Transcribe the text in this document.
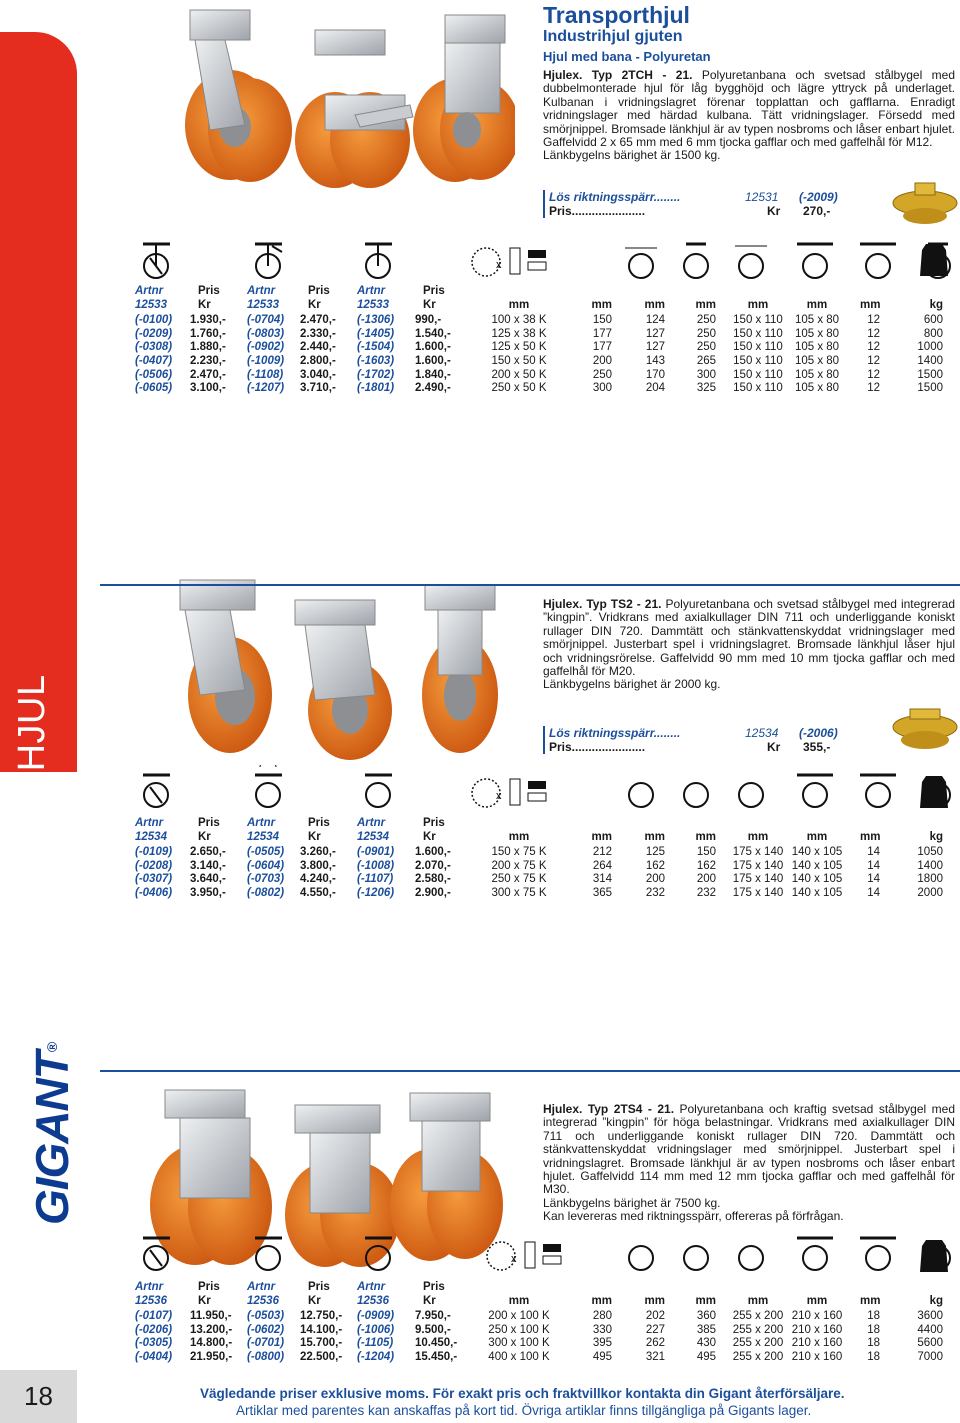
TRANSPORTHJUL
GIGANT®
18
Transporthjul
Industrihjul gjuten
Hjul med bana - Polyuretan
Hjulex. Typ 2TCH - 21. Polyuretanbana och svetsad stålbygel med dubbelmonterade hjul för låg bygghöjd och lägre yttryck på underlaget. Kulbanan i vridningslagret förenar topplattan och gafflarna. Enradigt vridningslager med härdad kulbana. Tätt vridningslager. Försedd med smörjnippel. Bromsade länkhjul är av typen nosbroms och låser enbart hjulet. Gaffelvidd 2 x 65 mm med 6 mm tjocka gafflar och med gaffelhål för M12.
Länkbygelns bärighet är 1500 kg.
Lös riktningsspärr........	12531 (-2009)
Pris......................	Kr 270,-
x
Artnr	Pris	Artnr	Pris	Artnr	Pris
12533	Kr	12533	Kr	12533	Kr	mm	mm	mm	mm	mm	mm	mm	kg
(-0100)	1.930,-	(-0704)	2.470,-	(-1306)	990,-	100 x 38 K	150	124	250	150 x 110	105 x 80	12	600
(-0209)	1.760,-	(-0803)	2.330,-	(-1405)	1.540,-	125 x 38 K	177	127	250	150 x 110	105 x 80	12	800
(-0308)	1.880,-	(-0902)	2.440,-	(-1504)	1.600,-	125 x 50 K	177	127	250	150 x 110	105 x 80	12	1000
(-0407)	2.230,-	(-1009)	2.800,-	(-1603)	1.600,-	150 x 50 K	200	143	265	150 x 110	105 x 80	12	1400
(-0506)	2.470,-	(-1108)	3.040,-	(-1702)	1.840,-	200 x 50 K	250	170	300	150 x 110	105 x 80	12	1500
(-0605)	3.100,-	(-1207)	3.710,-	(-1801)	2.490,-	250 x 50 K	300	204	325	150 x 110	105 x 80	12	1500
Hjulex. Typ TS2 - 21. Polyuretanbana och svetsad stålbygel med integrerad ”kingpin”. Vridkrans med axialkullager DIN 711 och underliggande koniskt rullager DIN 720. Dammtätt och stänkvattenskyddat vridningslager med smörjnippel. Justerbart spel i vridningslagret. Bromsade länkhjul låser hjul och vridningsrörelse. Gaffelvidd 90 mm med 10 mm tjocka gafflar och med gaffelhål för M20.
Länkbygelns bärighet är 2000 kg.
Lös riktningsspärr........	12534 (-2006)
Pris......................	Kr 355,-
x
Artnr	Pris	Artnr	Pris	Artnr	Pris
12534	Kr	12534	Kr	12534	Kr	mm	mm	mm	mm	mm	mm	mm	kg
(-0109)	2.650,-	(-0505)	3.260,-	(-0901)	1.600,-	150 x 75 K	212	125	150	175 x 140 140 x 105	14	1050
(-0208)	3.140,-	(-0604)	3.800,-	(-1008)	2.070,-	200 x 75 K	264	162	162	175 x 140 140 x 105	14	1400
(-0307)	3.640,-	(-0703)	4.240,-	(-1107)	2.580,-	250 x 75 K	314	200	200	175 x 140 140 x 105	14	1800
(-0406)	3.950,-	(-0802)	4.550,-	(-1206)	2.900,-	300 x 75 K	365	232	232	175 x 140 140 x 105	14	2000
Hjulex. Typ 2TS4 - 21. Polyuretanbana och kraftig svetsad stålbygel med integrerad ”kingpin” för höga belastningar. Vridkrans med axialkullager DIN 711 och underliggande koniskt rullager DIN 720. Dammtätt och stänkvattenskyddat vridningslager med smörjnippel. Justerbart spel i vridningslagret. Bromsade länkhjul är av typen nosbroms och låser enbart hjulet. Gaffelvidd 114 mm med 12 mm tjocka gafflar och med gaffelhål för M30.
Länkbygelns bärighet är 7500 kg.
Kan levereras med riktningsspärr, offereras på förfrågan.
x
Artnr	Pris	Artnr	Pris	Artnr	Pris
12536	Kr	12536	Kr	12536	Kr	mm	mm	mm	mm	mm	mm	mm	kg
(-0107)	11.950,-	(-0503)	12.750,-	(-0909)	7.950,-	200 x 100 K	280	202	360	255 x 200 210 x 160	18	3600
(-0206)	13.200,-	(-0602)	14.100,-	(-1006)	9.500,-	250 x 100 K	330	227	385	255 x 200 210 x 160	18	4400
(-0305)	14.800,-	(-0701)	15.700,-	(-1105)	10.450,-	300 x 100 K	395	262	430	255 x 200 210 x 160	18	5600
(-0404)	21.950,-	(-0800)	22.500,-	(-1204)	15.450,-	400 x 100 K	495	321	495	255 x 200 210 x 160	18	7000
Vägledande priser exklusive moms. För exakt pris och fraktvillkor kontakta din Gigant återförsäljare.
Artiklar med parentes kan anskaffas på kort tid. Övriga artiklar finns tillgängliga på Gigants lager.
